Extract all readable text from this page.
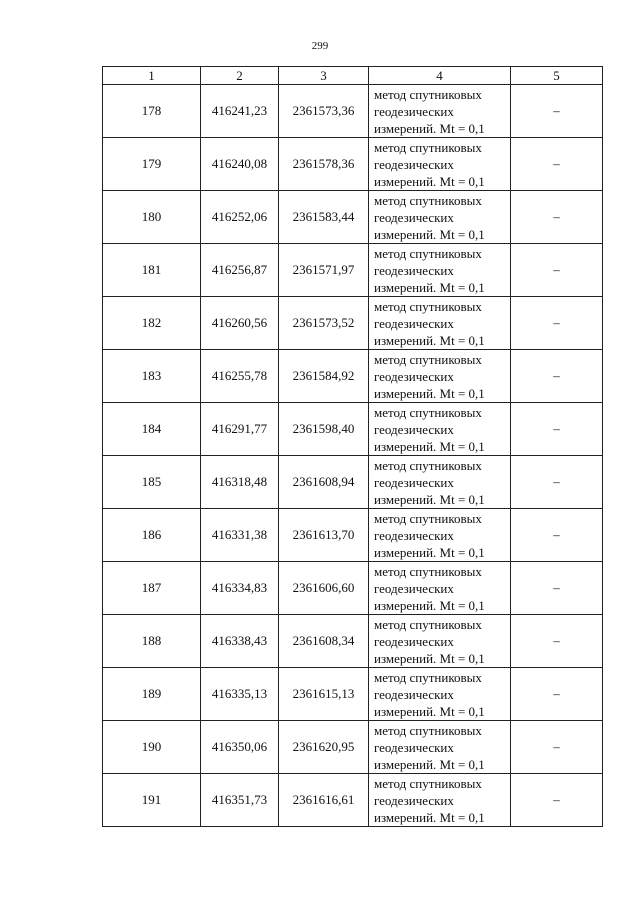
299
1	2	3	4	5
178	416241,23	2361573,36	метод спутниковых
геодезических
измерений. Mt = 0,1	–
179	416240,08	2361578,36	метод спутниковых
геодезических
измерений. Mt = 0,1	–
180	416252,06	2361583,44	метод спутниковых
геодезических
измерений. Mt = 0,1	–
181	416256,87	2361571,97	метод спутниковых
геодезических
измерений. Mt = 0,1	–
182	416260,56	2361573,52	метод спутниковых
геодезических
измерений. Mt = 0,1	–
183	416255,78	2361584,92	метод спутниковых
геодезических
измерений. Mt = 0,1	–
184	416291,77	2361598,40	метод спутниковых
геодезических
измерений. Mt = 0,1	–
185	416318,48	2361608,94	метод спутниковых
геодезических
измерений. Mt = 0,1	–
186	416331,38	2361613,70	метод спутниковых
геодезических
измерений. Mt = 0,1	–
187	416334,83	2361606,60	метод спутниковых
геодезических
измерений. Mt = 0,1	–
188	416338,43	2361608,34	метод спутниковых
геодезических
измерений. Mt = 0,1	–
189	416335,13	2361615,13	метод спутниковых
геодезических
измерений. Mt = 0,1	–
190	416350,06	2361620,95	метод спутниковых
геодезических
измерений. Mt = 0,1	–
191	416351,73	2361616,61	метод спутниковых
геодезических
измерений. Mt = 0,1	–
